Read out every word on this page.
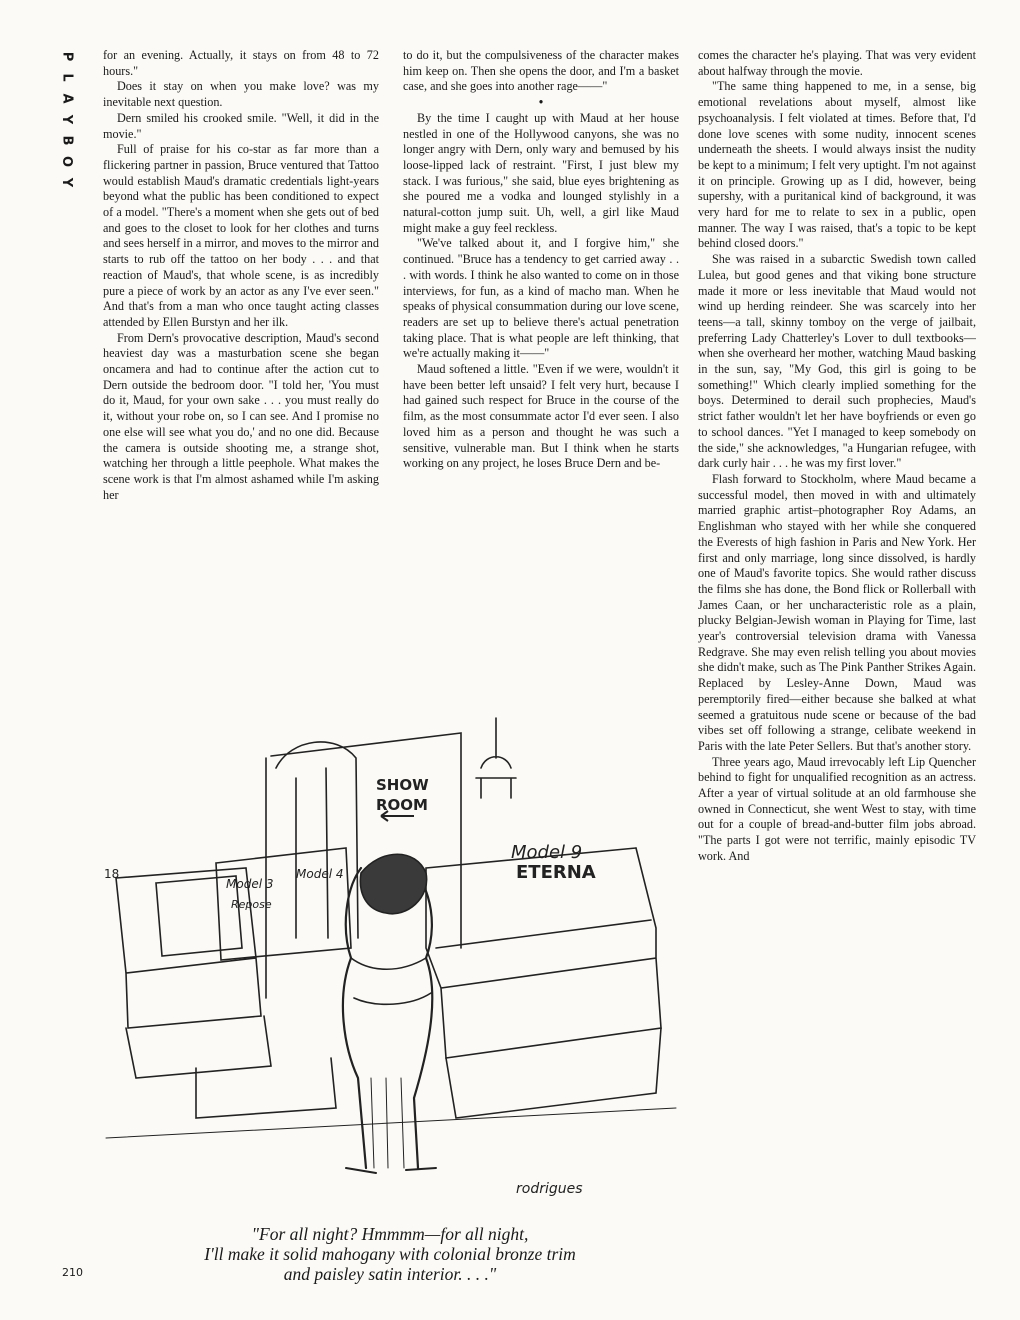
P
L
A
Y
B
O
Y

for an evening. Actually, it stays on from 48 to 72 hours."

Does it stay on when you make love? was my inevitable next question.

Dern smiled his crooked smile. "Well, it did in the movie."

Full of praise for his co-star as far more than a flickering partner in passion, Bruce ventured that Tattoo would establish Maud's dramatic credentials light-years beyond what the public has been conditioned to expect of a model. "There's a moment when she gets out of bed and goes to the closet to look for her clothes and turns and sees herself in a mirror, and moves to the mirror and starts to rub off the tattoo on her body . . . and that reaction of Maud's, that whole scene, is as incredibly pure a piece of work by an actor as any I've ever seen." And that's from a man who once taught acting classes attended by Ellen Burstyn and her ilk.

From Dern's provocative description, Maud's second heaviest day was a masturbation scene she began oncamera and had to continue after the action cut to Dern outside the bedroom door. "I told her, 'You must do it, Maud, for your own sake . . . you must really do it, without your robe on, so I can see. And I promise no one else will see what you do,' and no one did. Because the camera is outside shooting me, a strange shot, watching her through a little peephole. What makes the scene work is that I'm almost ashamed while I'm asking her

to do it, but the compulsiveness of the character makes him keep on. Then she opens the door, and I'm a basket case, and she goes into another rage——"

•

By the time I caught up with Maud at her house nestled in one of the Hollywood canyons, she was no longer angry with Dern, only wary and bemused by his loose-lipped lack of restraint. "First, I just blew my stack. I was furious," she said, blue eyes brightening as she poured me a vodka and lounged stylishly in a natural-cotton jump suit. Uh, well, a girl like Maud might make a guy feel reckless.

"We've talked about it, and I forgive him," she continued. "Bruce has a tendency to get carried away . . . with words. I think he also wanted to come on in those interviews, for fun, as a kind of macho man. When he speaks of physical consummation during our love scene, readers are set up to believe there's actual penetration taking place. That is what people are left thinking, that we're actually making it——"

Maud softened a little. "Even if we were, wouldn't it have been better left unsaid? I felt very hurt, because I had gained such respect for Bruce in the course of the film, as the most consummate actor I'd ever seen. I also loved him as a person and thought he was such a sensitive, vulnerable man. But I think when he starts working on any project, he loses Bruce Dern and be-

comes the character he's playing. That was very evident about halfway through the movie.

"The same thing happened to me, in a sense, big emotional revelations about myself, almost like psychoanalysis. I felt violated at times. Before that, I'd done love scenes with some nudity, innocent scenes underneath the sheets. I would always insist the nudity be kept to a minimum; I felt very uptight. I'm not against it on principle. Growing up as I did, however, being supershy, with a puritanical kind of background, it was very hard for me to relate to sex in a public, open manner. The way I was raised, that's a topic to be kept behind closed doors."

She was raised in a subarctic Swedish town called Lulea, but good genes and that viking bone structure made it more or less inevitable that Maud would not wind up herding reindeer. She was scarcely into her teens—a tall, skinny tomboy on the verge of jailbait, preferring Lady Chatterley's Lover to dull textbooks—when she overheard her mother, watching Maud basking in the sun, say, "My God, this girl is going to be something!" Which clearly implied something for the boys. Determined to derail such prophecies, Maud's strict father wouldn't let her have boyfriends or even go to school dances. "Yet I managed to keep somebody on the side," she acknowledges, "a Hungarian refugee, with dark curly hair . . . he was my first lover."

Flash forward to Stockholm, where Maud became a successful model, then moved in with and ultimately married graphic artist–photographer Roy Adams, an Englishman who stayed with her while she conquered the Everests of high fashion in Paris and New York. Her first and only marriage, long since dissolved, is hardly one of Maud's favorite topics. She would rather discuss the films she has done, the Bond flick or Rollerball with James Caan, or her uncharacteristic role as a plain, plucky Belgian-Jewish woman in Playing for Time, last year's controversial television drama with Vanessa Redgrave. She may even relish telling you about movies she didn't make, such as The Pink Panther Strikes Again. Replaced by Lesley-Anne Down, Maud was peremptorily fired—either because she balked at what seemed a gratuitous nude scene or because of the bad vibes set off following a strange, celibate weekend in Paris with the late Peter Sellers. But that's another story.

Three years ago, Maud irrevocably left Lip Quencher behind to fight for unqualified recognition as an actress. After a year of virtual solitude at an old farmhouse she owned in Connecticut, she went West to stay, with time out for a couple of bread-and-butter film jobs abroad. "The parts I got were not terrific, mainly episodic TV work. And

SHOW
ROOM
Model 9
ETERNA
Model 3
Repose
Model 4
18
rodrigues
"For all night? Hmmmm—for all night,
I'll make it solid mahogany with colonial bronze trim
and paisley satin interior. . . ."
210
